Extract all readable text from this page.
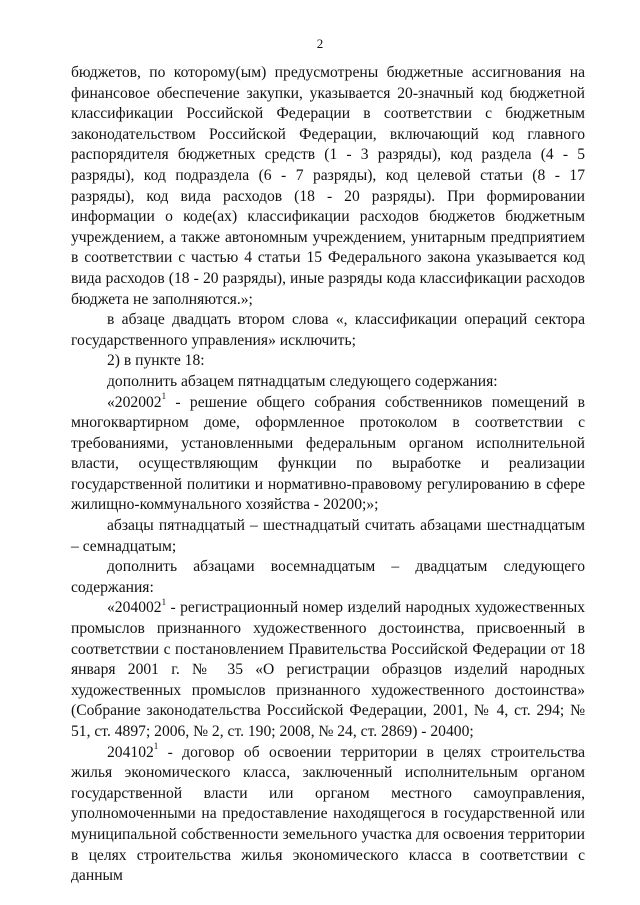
2

бюджетов, по которому(ым) предусмотрены бюджетные ассигнования на финансовое обеспечение закупки, указывается 20-значный код бюджетной классификации Российской Федерации в соответствии с бюджетным законодательством Российской Федерации, включающий код главного распорядителя бюджетных средств (1 - 3 разряды), код раздела (4 - 5 разряды), код подраздела (6 - 7 разряды), код целевой статьи (8 - 17 разряды), код вида расходов (18 - 20 разряды). При формировании информации о коде(ах) классификации расходов бюджетов бюджетным учреждением, а также автономным учреждением, унитарным предприятием в соответствии с частью 4 статьи 15 Федерального закона указывается код вида расходов (18 - 20 разряды), иные разряды кода классификации расходов бюджета не заполняются.»;

в абзаце двадцать втором слова «, классификации операций сектора государственного управления» исключить;

2) в пункте 18:

дополнить абзацем пятнадцатым следующего содержания:

«202002$^1$ - решение общего собрания собственников помещений в многоквартирном доме, оформленное протоколом в соответствии с требованиями, установленными федеральным органом исполнительной власти, осуществляющим функции по выработке и реализации государственной политики и нормативно-правовому регулированию в сфере жилищно-коммунального хозяйства - 20200;»;

абзацы пятнадцатый – шестнадцатый считать абзацами шестнадцатым – семнадцатым;

дополнить абзацами восемнадцатым – двадцатым следующего содержания:

«204002$^1$ - регистрационный номер изделий народных художественных промыслов признанного художественного достоинства, присвоенный в соответствии с постановлением Правительства Российской Федерации от 18 января 2001 г. № 35 «О регистрации образцов изделий народных художественных промыслов признанного художественного достоинства» (Собрание законодательства Российской Федерации, 2001, № 4, ст. 294; № 51, ст. 4897; 2006, № 2, ст. 190; 2008, № 24, ст. 2869) - 20400;

204102$^1$ - договор об освоении территории в целях строительства жилья экономического класса, заключенный исполнительным органом государственной власти или органом местного самоуправления, уполномоченными на предоставление находящегося в государственной или муниципальной собственности земельного участка для освоения территории в целях строительства жилья экономического класса в соответствии с данным
